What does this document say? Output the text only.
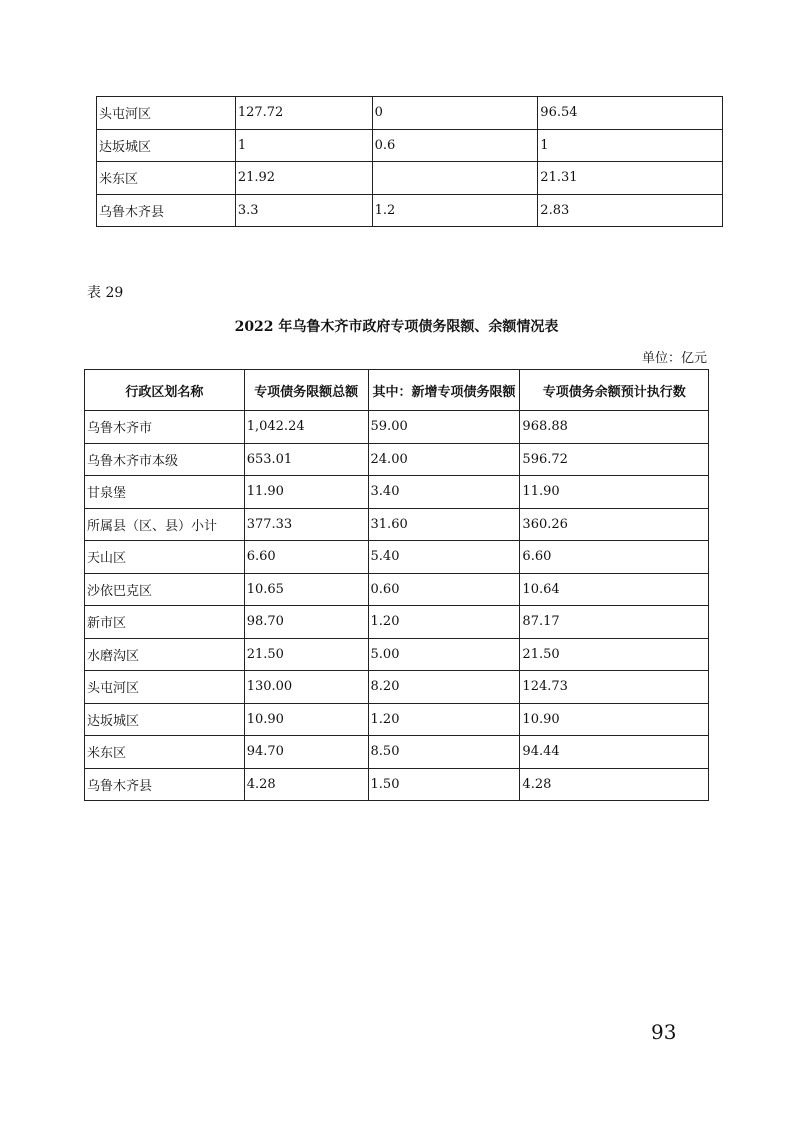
头屯河区	127.72	0	96.54
达坂城区	1	0.6	1
米东区	21.92		21.31
乌鲁木齐县	3.3	1.2	2.83
表 29
2022 年乌鲁木齐市政府专项债务限额、余额情况表
单位：亿元
行政区划名称	专项债务限额总额	其中：新增专项债务限额	专项债务余额预计执行数
乌鲁木齐市	1,042.24	59.00	968.88
乌鲁木齐市本级	653.01	24.00	596.72
甘泉堡	11.90	3.40	11.90
所属县（区、县）小计	377.33	31.60	360.26
天山区	6.60	5.40	6.60
沙依巴克区	10.65	0.60	10.64
新市区	98.70	1.20	87.17
水磨沟区	21.50	5.00	21.50
头屯河区	130.00	8.20	124.73
达坂城区	10.90	1.20	10.90
米东区	94.70	8.50	94.44
乌鲁木齐县	4.28	1.50	4.28
93
